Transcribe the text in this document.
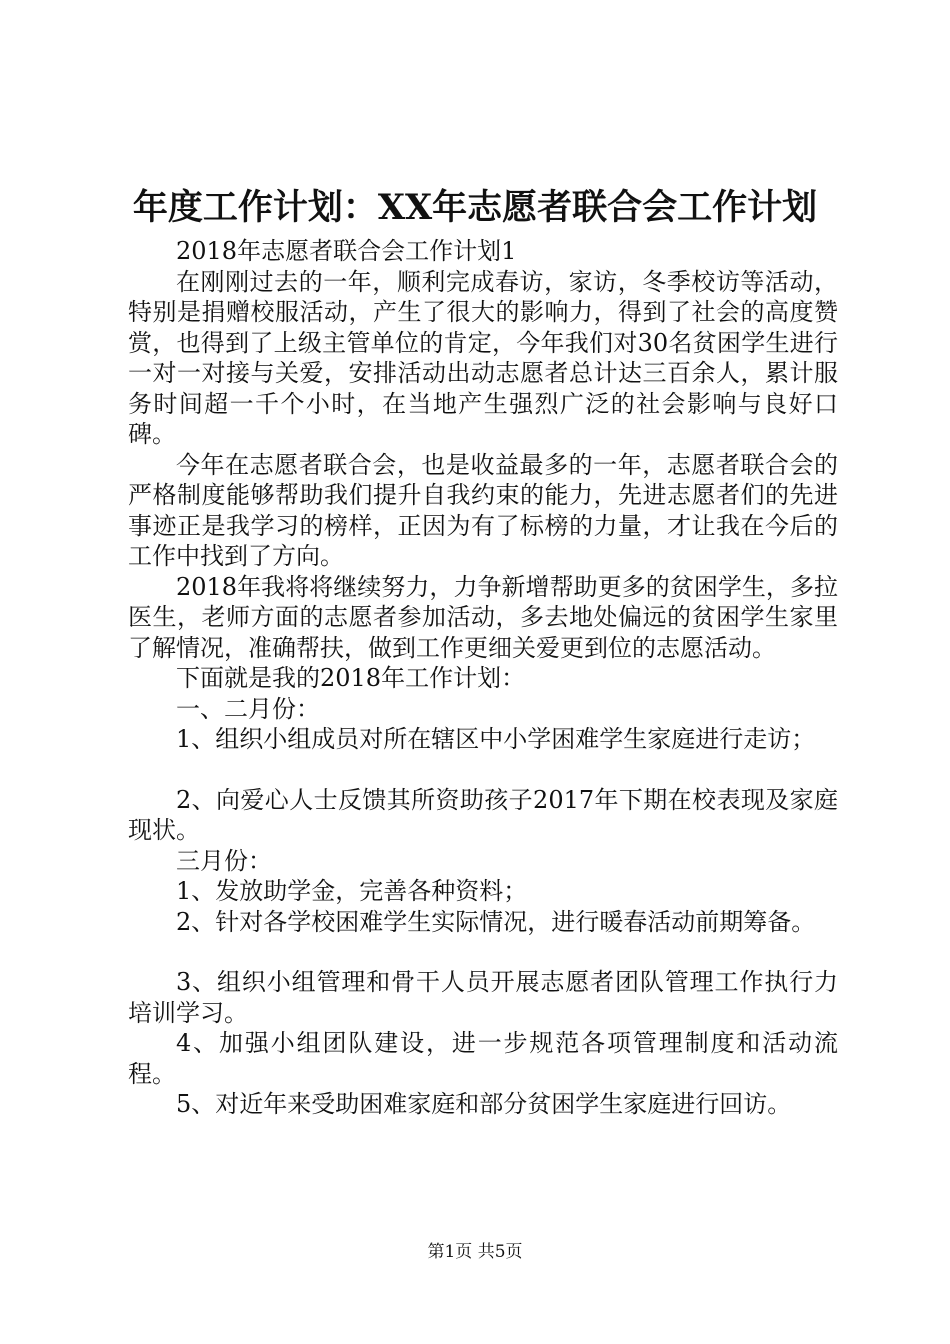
年度工作计划：XX年志愿者联合会工作计划

2018年志愿者联合会工作计划1

在刚刚过去的一年，顺利完成春访，家访，冬季校访等活动，特别是捐赠校服活动，产生了很大的影响力，得到了社会的高度赞赏，也得到了上级主管单位的肯定，今年我们对30名贫困学生进行一对一对接与关爱，安排活动出动志愿者总计达三百余人，累计服务时间超一千个小时，在当地产生强烈广泛的社会影响与良好口碑。

今年在志愿者联合会，也是收益最多的一年，志愿者联合会的严格制度能够帮助我们提升自我约束的能力，先进志愿者们的先进事迹正是我学习的榜样，正因为有了标榜的力量，才让我在今后的工作中找到了方向。

2018年我将将继续努力，力争新增帮助更多的贫困学生，多拉医生，老师方面的志愿者参加活动，多去地处偏远的贫困学生家里了解情况，准确帮扶，做到工作更细关爱更到位的志愿活动。

下面就是我的2018年工作计划：

一、二月份：

1、组织小组成员对所在辖区中小学困难学生家庭进行走访；

2、向爱心人士反馈其所资助孩子2017年下期在校表现及家庭现状。

三月份：

1、发放助学金，完善各种资料；

2、针对各学校困难学生实际情况，进行暖春活动前期筹备。

3、组织小组管理和骨干人员开展志愿者团队管理工作执行力培训学习。

4、加强小组团队建设，进一步规范各项管理制度和活动流程。

5、对近年来受助困难家庭和部分贫困学生家庭进行回访。

第1页 共5页
